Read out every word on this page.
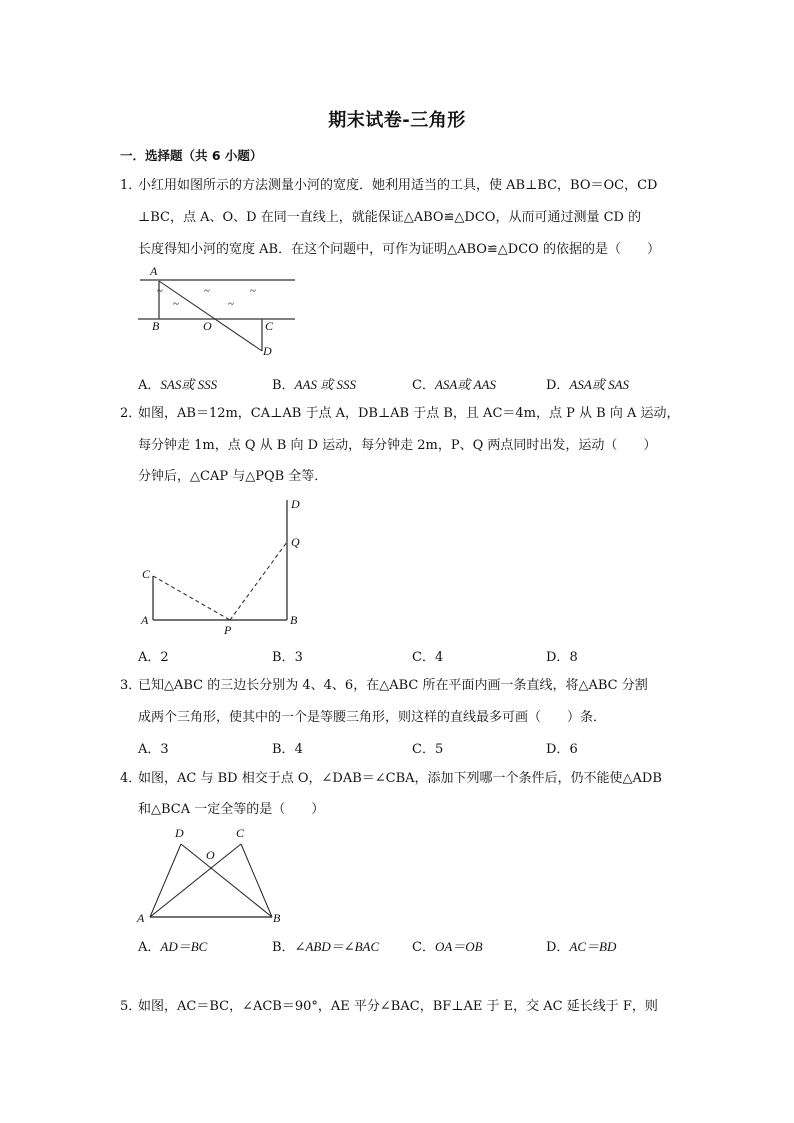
期末试卷-三角形
一．选择题（共 6 小题）
1．
小红用如图所示的方法测量小河的宽度．她利用适当的工具，使 AB⊥BC，BO＝OC，CD
⊥BC，点 A、O、D 在同一直线上，就能保证△ABO≌△DCO，从而可通过测量 CD 的
长度得知小河的宽度 AB．在这个问题中，可作为证明△ABO≌△DCO 的依据的是（　　）
A
B	O	C
D
~	~	~
~	~
A．SAS或 SSS	B．AAS 或 SSS	C．ASA或 AAS	D．ASA或 SAS
2．
如图，AB＝12m，CA⊥AB 于点 A，DB⊥AB 于点 B，且 AC＝4m，点 P 从 B 向 A 运动，
每分钟走 1m，点 Q 从 B 向 D 运动，每分钟走 2m，P、Q 两点同时出发，运动（　　）
分钟后，△CAP 与△PQB 全等．
D
Q
C
A
P
B
A．2	B．3	C．4	D．8
3．
已知△ABC 的三边长分别为 4、4、6，在△ABC 所在平面内画一条直线，将△ABC 分割
成两个三角形，使其中的一个是等腰三角形，则这样的直线最多可画（　　）条．
A．3	B．4	C．5	D．6
4．
如图，AC 与 BD 相交于点 O，∠DAB＝∠CBA，添加下列哪一个条件后，仍不能使△ADB
和△BCA 一定全等的是（　　）
D	C
O
A	B
A．AD＝BC	B．∠ABD＝∠BAC	C．OA＝OB	D．AC＝BD
5．
如图，AC＝BC，∠ACB＝90°，AE 平分∠BAC，BF⊥AE 于 E，交 AC 延长线于 F，则
